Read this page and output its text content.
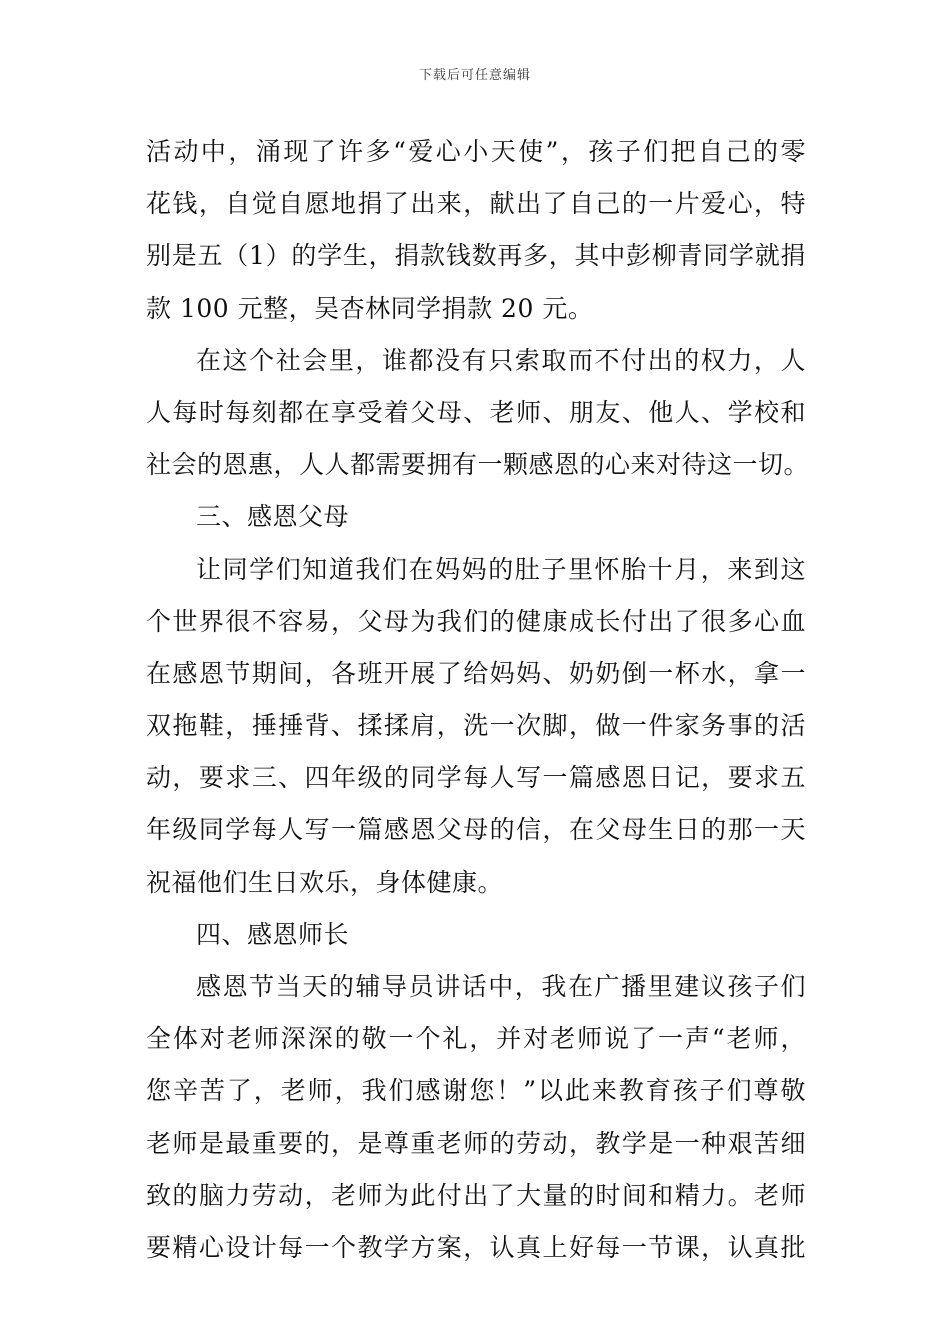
下载后可任意编辑
活动中，涌现了许多“爱心小天使”，孩子们把自己的零
花钱，自觉自愿地捐了出来，献出了自己的一片爱心，特
别是五（1）的学生，捐款钱数再多，其中彭柳青同学就捐
款 100 元整，吴杏林同学捐款 20 元。
在这个社会里，谁都没有只索取而不付出的权力，人
人每时每刻都在享受着父母、老师、朋友、他人、学校和
社会的恩惠，人人都需要拥有一颗感恩的心来对待这一切。
三、感恩父母
让同学们知道我们在妈妈的肚子里怀胎十月，来到这
个世界很不容易，父母为我们的健康成长付出了很多心血
在感恩节期间，各班开展了给妈妈、奶奶倒一杯水，拿一
双拖鞋，捶捶背、揉揉肩，洗一次脚，做一件家务事的活
动，要求三、四年级的同学每人写一篇感恩日记，要求五
年级同学每人写一篇感恩父母的信，在父母生日的那一天
祝福他们生日欢乐，身体健康。
四、感恩师长
感恩节当天的辅导员讲话中，我在广播里建议孩子们
全体对老师深深的敬一个礼，并对老师说了一声“老师，
您辛苦了，老师，我们感谢您！”以此来教育孩子们尊敬
老师是最重要的，是尊重老师的劳动，教学是一种艰苦细
致的脑力劳动，老师为此付出了大量的时间和精力。老师
要精心设计每一个教学方案，认真上好每一节课，认真批
